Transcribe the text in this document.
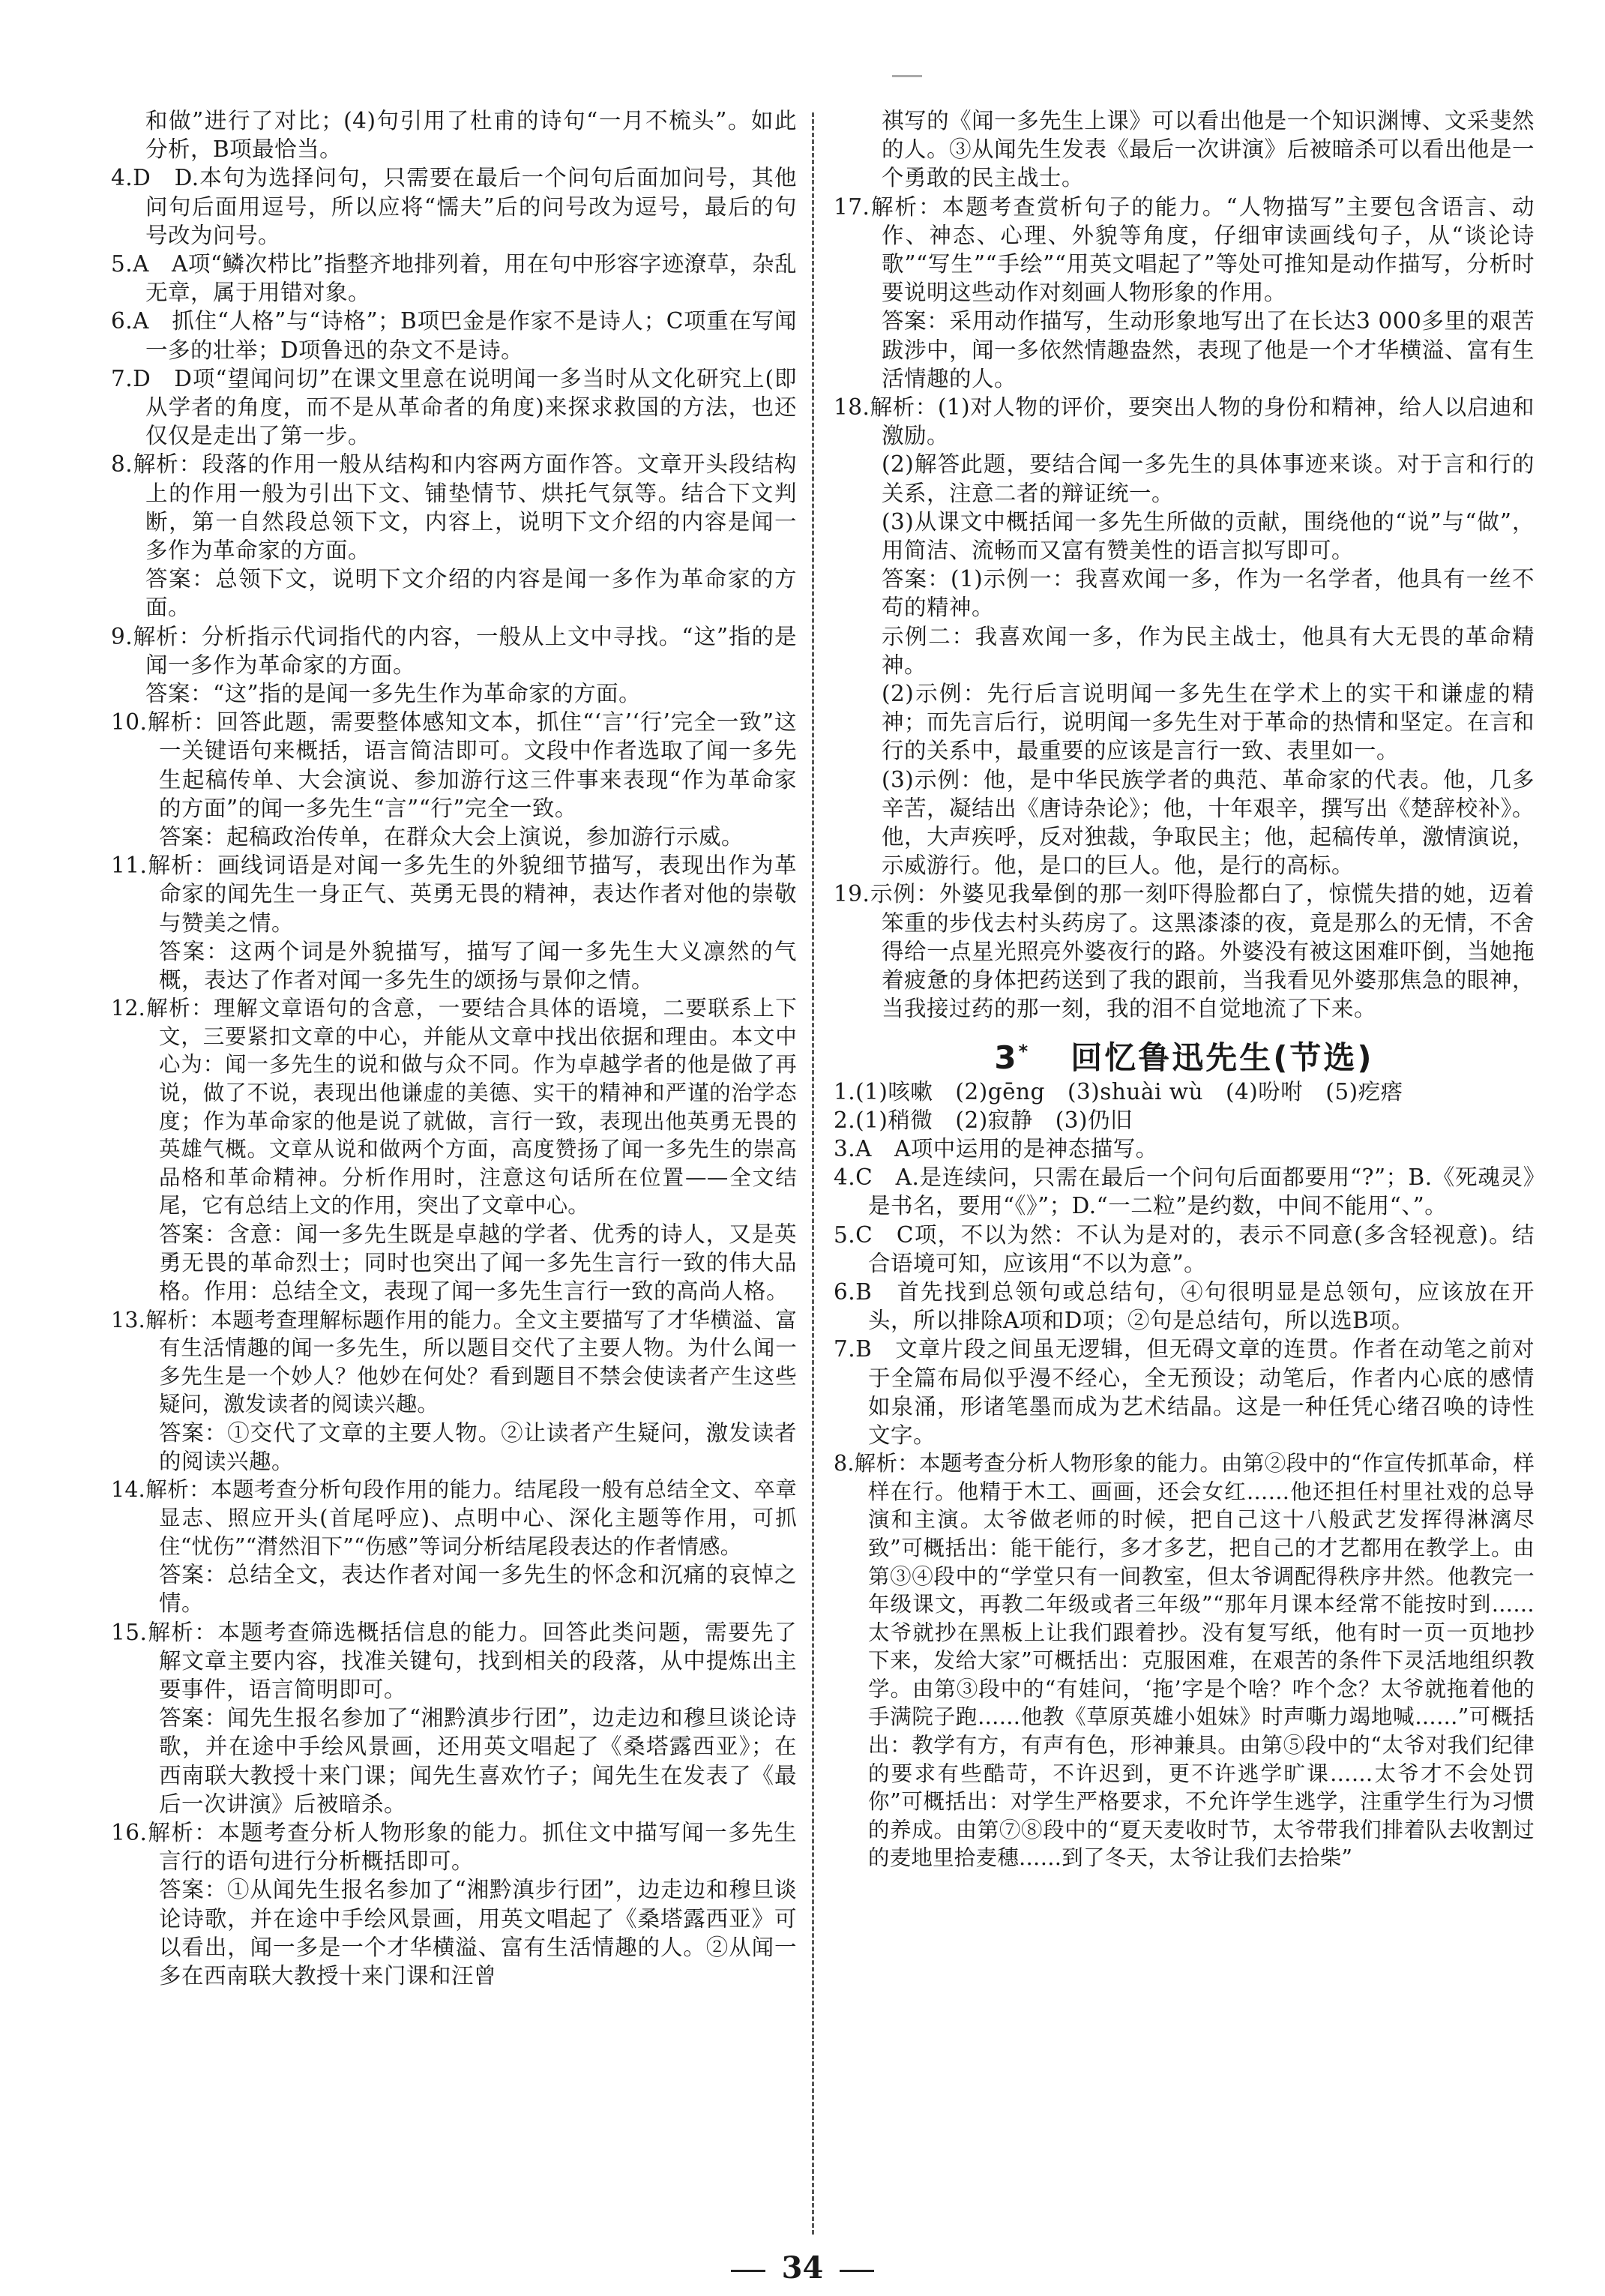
和做”进行了对比；(4)句引用了杜甫的诗句“一月不梳头”。如此分析，B项最恰当。
4.D　D.本句为选择问句，只需要在最后一个问句后面加问号，其他问句后面用逗号，所以应将“懦夫”后的问号改为逗号，最后的句号改为问号。
5.A　A项“鳞次栉比”指整齐地排列着，用在句中形容字迹潦草，杂乱无章，属于用错对象。
6.A　抓住“人格”与“诗格”；B项巴金是作家不是诗人；C项重在写闻一多的壮举；D项鲁迅的杂文不是诗。
7.D　D项“望闻问切”在课文里意在说明闻一多当时从文化研究上(即从学者的角度，而不是从革命者的角度)来探求救国的方法，也还仅仅是走出了第一步。
8.解析：段落的作用一般从结构和内容两方面作答。文章开头段结构上的作用一般为引出下文、铺垫情节、烘托气氛等。结合下文判断，第一自然段总领下文，内容上，说明下文介绍的内容是闻一多作为革命家的方面。
答案：总领下文，说明下文介绍的内容是闻一多作为革命家的方面。
9.解析：分析指示代词指代的内容，一般从上文中寻找。“这”指的是闻一多作为革命家的方面。
答案：“这”指的是闻一多先生作为革命家的方面。
10.解析：回答此题，需要整体感知文本，抓住“‘言’‘行’完全一致”这一关键语句来概括，语言简洁即可。文段中作者选取了闻一多先生起稿传单、大会演说、参加游行这三件事来表现“作为革命家的方面”的闻一多先生“言”“行”完全一致。
答案：起稿政治传单，在群众大会上演说，参加游行示威。
11.解析：画线词语是对闻一多先生的外貌细节描写，表现出作为革命家的闻先生一身正气、英勇无畏的精神，表达作者对他的崇敬与赞美之情。
答案：这两个词是外貌描写，描写了闻一多先生大义凛然的气概，表达了作者对闻一多先生的颂扬与景仰之情。
12.解析：理解文章语句的含意，一要结合具体的语境，二要联系上下文，三要紧扣文章的中心，并能从文章中找出依据和理由。本文中心为：闻一多先生的说和做与众不同。作为卓越学者的他是做了再说，做了不说，表现出他谦虚的美德、实干的精神和严谨的治学态度；作为革命家的他是说了就做，言行一致，表现出他英勇无畏的英雄气概。文章从说和做两个方面，高度赞扬了闻一多先生的崇高品格和革命精神。分析作用时，注意这句话所在位置——全文结尾，它有总结上文的作用，突出了文章中心。
答案：含意：闻一多先生既是卓越的学者、优秀的诗人，又是英勇无畏的革命烈士；同时也突出了闻一多先生言行一致的伟大品格。作用：总结全文，表现了闻一多先生言行一致的高尚人格。
13.解析：本题考查理解标题作用的能力。全文主要描写了才华横溢、富有生活情趣的闻一多先生，所以题目交代了主要人物。为什么闻一多先生是一个妙人？他妙在何处？看到题目不禁会使读者产生这些疑问，激发读者的阅读兴趣。
答案：①交代了文章的主要人物。②让读者产生疑问，激发读者的阅读兴趣。
14.解析：本题考查分析句段作用的能力。结尾段一般有总结全文、卒章显志、照应开头(首尾呼应)、点明中心、深化主题等作用，可抓住“忧伤”“潸然泪下”“伤感”等词分析结尾段表达的作者情感。
答案：总结全文，表达作者对闻一多先生的怀念和沉痛的哀悼之情。
15.解析：本题考查筛选概括信息的能力。回答此类问题，需要先了解文章主要内容，找准关键句，找到相关的段落，从中提炼出主要事件，语言简明即可。
答案：闻先生报名参加了“湘黔滇步行团”，边走边和穆旦谈论诗歌，并在途中手绘风景画，还用英文唱起了《桑塔露西亚》；在西南联大教授十来门课；闻先生喜欢竹子；闻先生在发表了《最后一次讲演》后被暗杀。
16.解析：本题考查分析人物形象的能力。抓住文中描写闻一多先生言行的语句进行分析概括即可。
答案：①从闻先生报名参加了“湘黔滇步行团”，边走边和穆旦谈论诗歌，并在途中手绘风景画，用英文唱起了《桑塔露西亚》可以看出，闻一多是一个才华横溢、富有生活情趣的人。②从闻一多在西南联大教授十来门课和汪曾
祺写的《闻一多先生上课》可以看出他是一个知识渊博、文采斐然的人。③从闻先生发表《最后一次讲演》后被暗杀可以看出他是一个勇敢的民主战士。
17.解析：本题考查赏析句子的能力。“人物描写”主要包含语言、动作、神态、心理、外貌等角度，仔细审读画线句子，从“谈论诗歌”“写生”“手绘”“用英文唱起了”等处可推知是动作描写，分析时要说明这些动作对刻画人物形象的作用。
答案：采用动作描写，生动形象地写出了在长达3 000多里的艰苦跋涉中，闻一多依然情趣盎然，表现了他是一个才华横溢、富有生活情趣的人。
18.解析：(1)对人物的评价，要突出人物的身份和精神，给人以启迪和激励。
(2)解答此题，要结合闻一多先生的具体事迹来谈。对于言和行的关系，注意二者的辩证统一。
(3)从课文中概括闻一多先生所做的贡献，围绕他的“说”与“做”，用简洁、流畅而又富有赞美性的语言拟写即可。
答案：(1)示例一：我喜欢闻一多，作为一名学者，他具有一丝不苟的精神。
示例二：我喜欢闻一多，作为民主战士，他具有大无畏的革命精神。
(2)示例：先行后言说明闻一多先生在学术上的实干和谦虚的精神；而先言后行，说明闻一多先生对于革命的热情和坚定。在言和行的关系中，最重要的应该是言行一致、表里如一。
(3)示例：他，是中华民族学者的典范、革命家的代表。他，几多辛苦，凝结出《唐诗杂论》；他，十年艰辛，撰写出《楚辞校补》。他，大声疾呼，反对独裁，争取民主；他，起稿传单，激情演说，示威游行。他，是口的巨人。他，是行的高标。
19.示例：外婆见我晕倒的那一刻吓得脸都白了，惊慌失措的她，迈着笨重的步伐去村头药房了。这黑漆漆的夜，竟是那么的无情，不舍得给一点星光照亮外婆夜行的路。外婆没有被这困难吓倒，当她拖着疲惫的身体把药送到了我的跟前，当我看见外婆那焦急的眼神，当我接过药的那一刻，我的泪不自觉地流了下来。
3* 回忆鲁迅先生(节选)
1.(1)咳嗽　(2)gēng　(3)shuài wù　(4)吩咐　(5)疙瘩
2.(1)稍微　(2)寂静　(3)仍旧
3.A　A项中运用的是神态描写。
4.C　A.是连续问，只需在最后一个问句后面都要用“?”；B.《死魂灵》是书名，要用“《》”；D.“一二粒”是约数，中间不能用“、”。
5.C　C项，不以为然：不认为是对的，表示不同意(多含轻视意)。结合语境可知，应该用“不以为意”。
6.B　首先找到总领句或总结句，④句很明显是总领句，应该放在开头，所以排除A项和D项；②句是总结句，所以选B项。
7.B　文章片段之间虽无逻辑，但无碍文章的连贯。作者在动笔之前对于全篇布局似乎漫不经心，全无预设；动笔后，作者内心底的感情如泉涌，形诸笔墨而成为艺术结晶。这是一种任凭心绪召唤的诗性文字。
8.解析：本题考查分析人物形象的能力。由第②段中的“作宣传抓革命，样样在行。他精于木工、画画，还会女红……他还担任村里社戏的总导演和主演。太爷做老师的时候，把自己这十八般武艺发挥得淋漓尽致”可概括出：能干能行，多才多艺，把自己的才艺都用在教学上。由第③④段中的“学堂只有一间教室，但太爷调配得秩序井然。他教完一年级课文，再教二年级或者三年级”“那年月课本经常不能按时到……太爷就抄在黑板上让我们跟着抄。没有复写纸，他有时一页一页地抄下来，发给大家”可概括出：克服困难，在艰苦的条件下灵活地组织教学。由第③段中的“有娃问，‘拖’字是个啥？咋个念？太爷就拖着他的手满院子跑……他教《草原英雄小姐妹》时声嘶力竭地喊……”可概括出：教学有方，有声有色，形神兼具。由第⑤段中的“太爷对我们纪律的要求有些酷苛，不许迟到，更不许逃学旷课……太爷才不会处罚你”可概括出：对学生严格要求，不允许学生逃学，注重学生行为习惯的养成。由第⑦⑧段中的“夏天麦收时节，太爷带我们排着队去收割过的麦地里拾麦穗……到了冬天，太爷让我们去拾柴”
34
